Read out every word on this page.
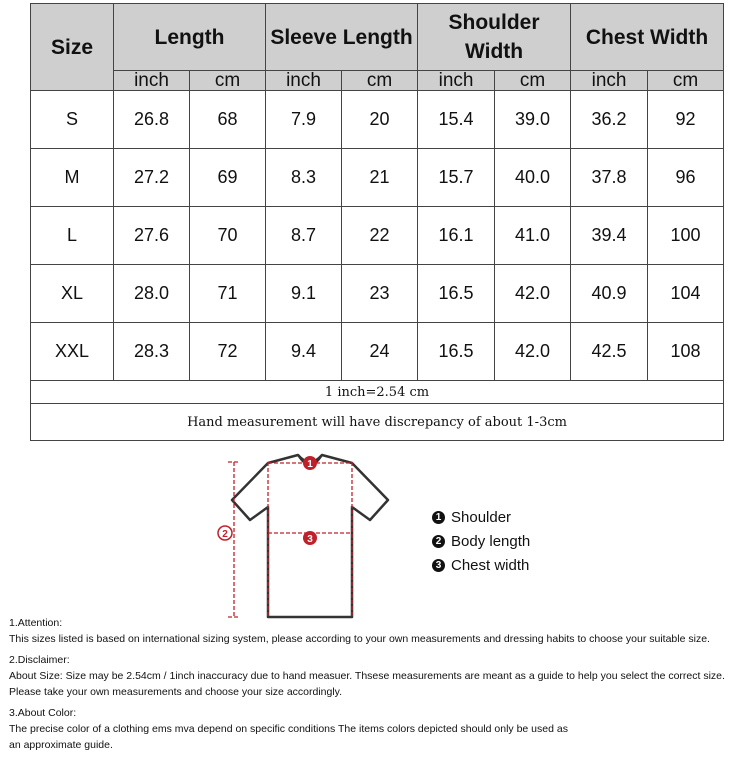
Size	Length		Sleeve Length		Shoulder Width		Chest Width	
	inch	cm	inch	cm	inch	cm	inch	cm
S	26.8	68	7.9	20	15.4	39.0	36.2	92
M	27.2	69	8.3	21	15.7	40.0	37.8	96
L	27.6	70	8.7	22	16.1	41.0	39.4	100
XL	28.0	71	9.1	23	16.5	42.0	40.9	104
XXL	28.3	72	9.4	24	16.5	42.0	42.5	108
1 inch=2.54 cm								
Hand measurement will have discrepancy of about 1-3cm								
1
2	3
1 Shoulder
2 Body length
3 Chest width
1.Attention:
This sizes listed is based on international sizing system, please according to your own measurements and dressing habits to choose your suitable size.
2.Disclaimer:
About Size: Size may be 2.54cm / 1inch inaccuracy due to hand measuer. Thsese measurements are meant as a guide to help you select the correct size.
Please take your own measurements and choose your size accordingly.
3.About Color:
The precise color of a clothing ems mva depend on specific conditions The items colors depicted should only be used as
an approximate guide.
